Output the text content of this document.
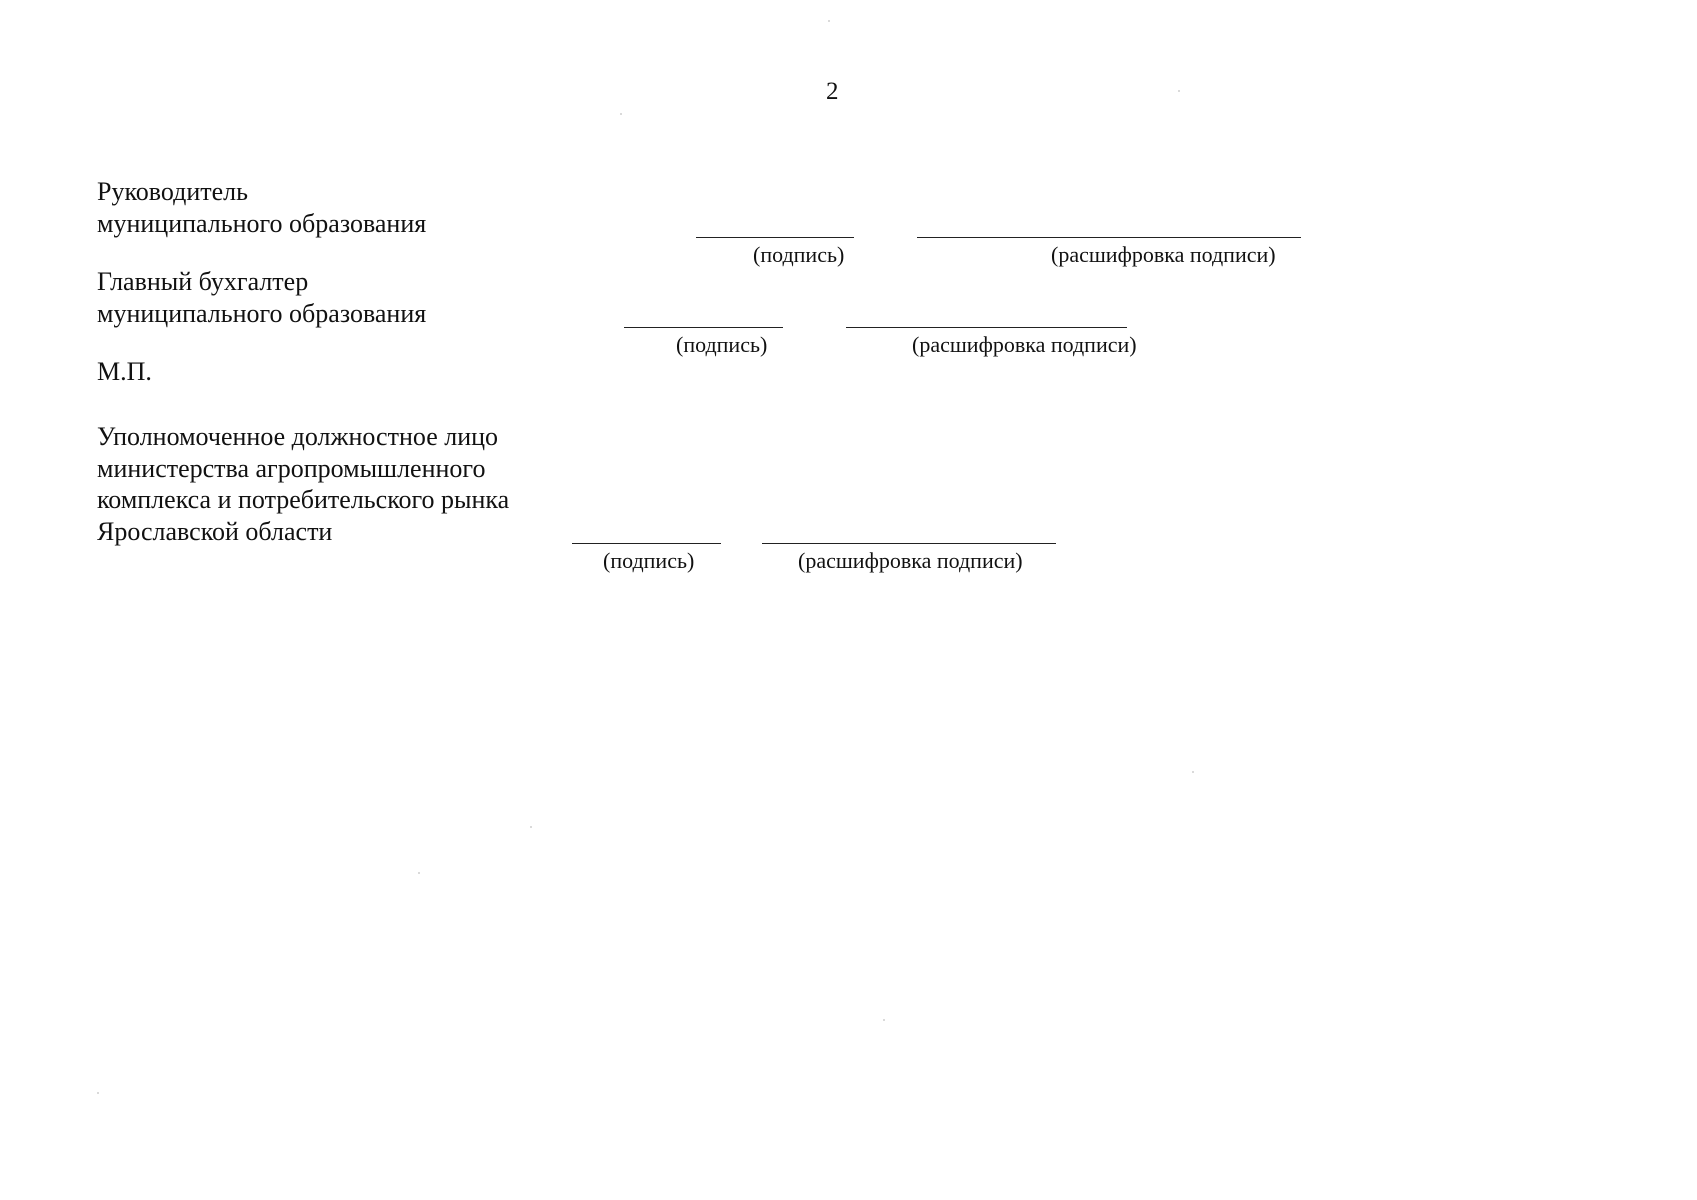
2
Руководитель
муниципального образования
(подпись)	(расшифровка подписи)
Главный бухгалтер
муниципального образования
(подпись)	(расшифровка подписи)
М.П.
Уполномоченное должностное лицо
министерства агропромышленного
комплекса и потребительского рынка
Ярославской области
(подпись)	(расшифровка подписи)
